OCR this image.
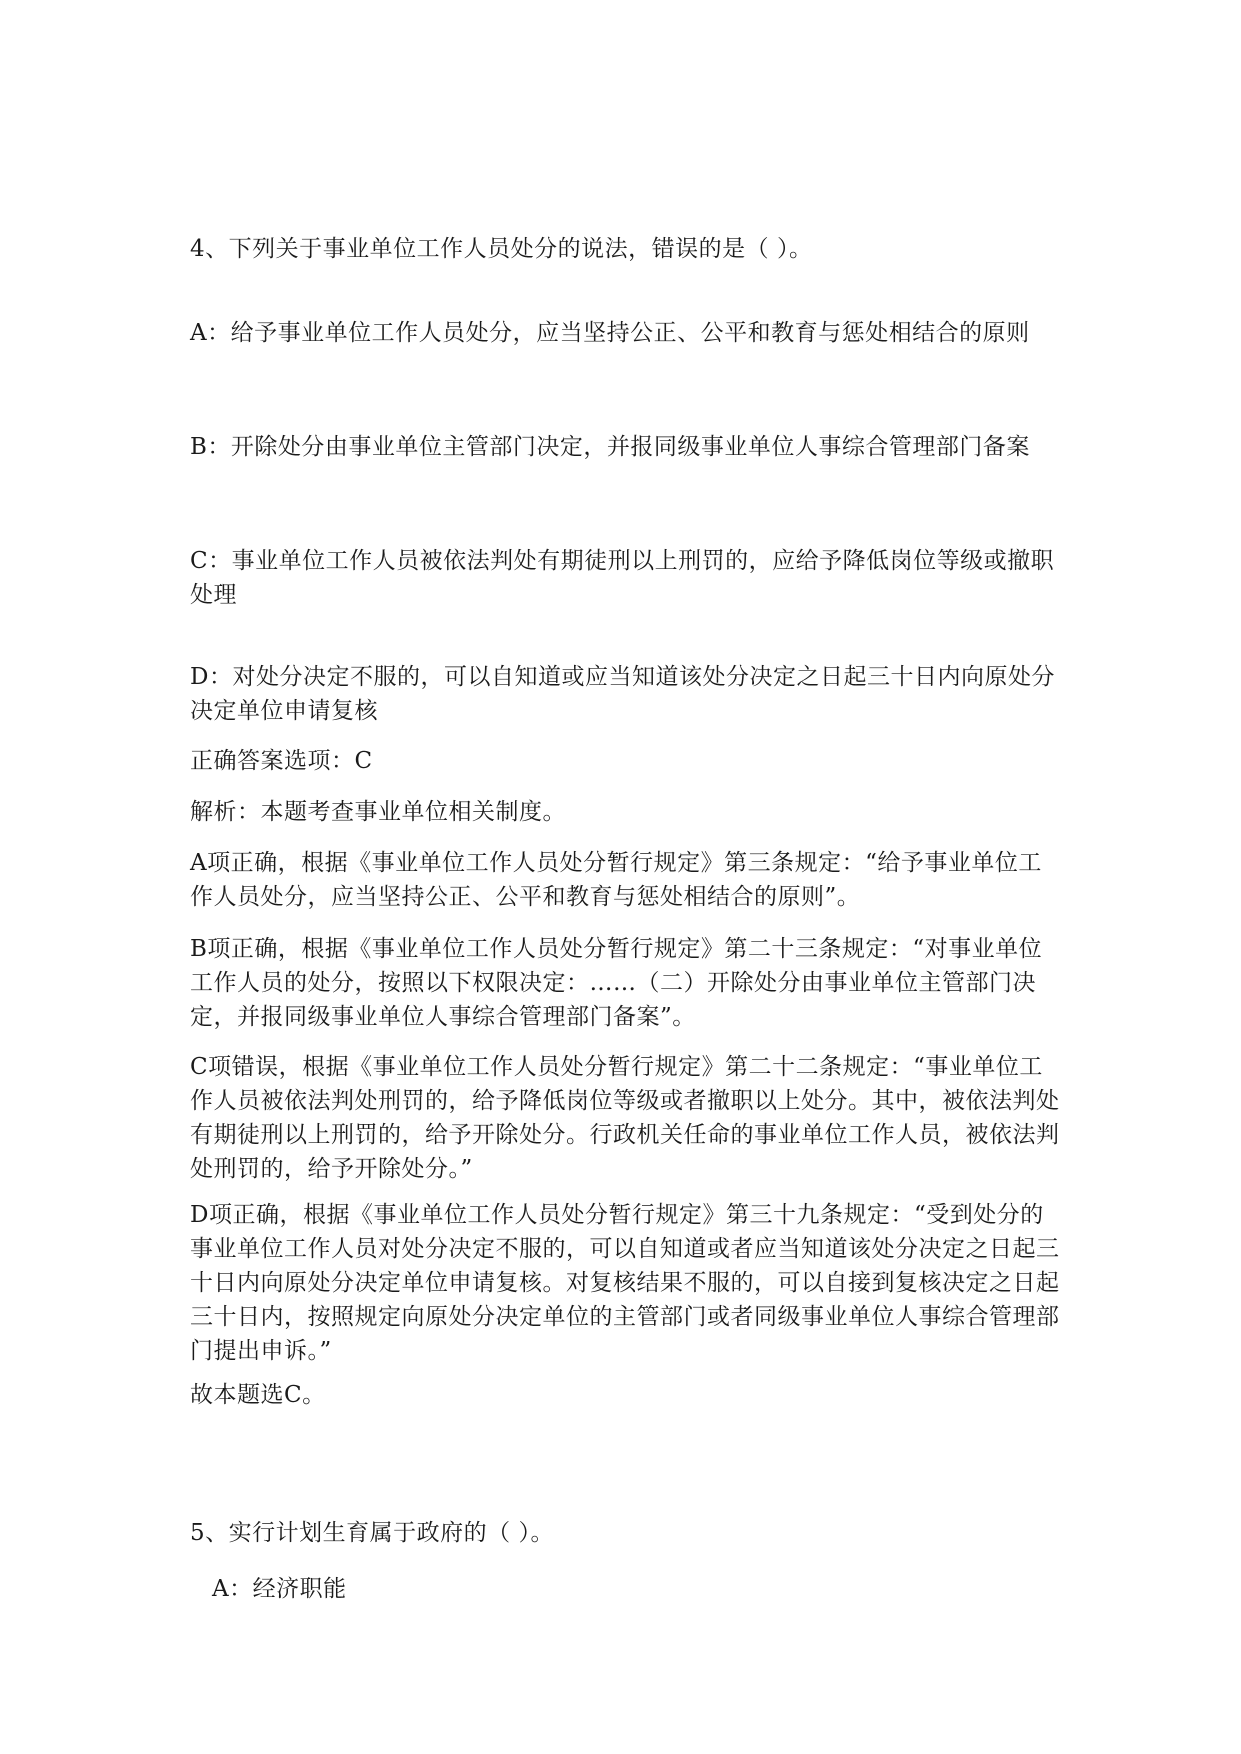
4、下列关于事业单位工作人员处分的说法，错误的是（ ）。

A：给予事业单位工作人员处分，应当坚持公正、公平和教育与惩处相结合的原则

B：开除处分由事业单位主管部门决定，并报同级事业单位人事综合管理部门备案

C：事业单位工作人员被依法判处有期徒刑以上刑罚的，应给予降低岗位等级或撤职处理

D：对处分决定不服的，可以自知道或应当知道该处分决定之日起三十日内向原处分决定单位申请复核

正确答案选项：C

解析：本题考查事业单位相关制度。

A项正确，根据《事业单位工作人员处分暂行规定》第三条规定：“给予事业单位工作人员处分，应当坚持公正、公平和教育与惩处相结合的原则”。

B项正确，根据《事业单位工作人员处分暂行规定》第二十三条规定：“对事业单位工作人员的处分，按照以下权限决定：……（二）开除处分由事业单位主管部门决定，并报同级事业单位人事综合管理部门备案”。

C项错误，根据《事业单位工作人员处分暂行规定》第二十二条规定：“事业单位工作人员被依法判处刑罚的，给予降低岗位等级或者撤职以上处分。其中，被依法判处有期徒刑以上刑罚的，给予开除处分。行政机关任命的事业单位工作人员，被依法判处刑罚的，给予开除处分。”

D项正确，根据《事业单位工作人员处分暂行规定》第三十九条规定：“受到处分的事业单位工作人员对处分决定不服的，可以自知道或者应当知道该处分决定之日起三十日内向原处分决定单位申请复核。对复核结果不服的，可以自接到复核决定之日起三十日内，按照规定向原处分决定单位的主管部门或者同级事业单位人事综合管理部门提出申诉。”

故本题选C。

5、实行计划生育属于政府的（ ）。

A：经济职能
